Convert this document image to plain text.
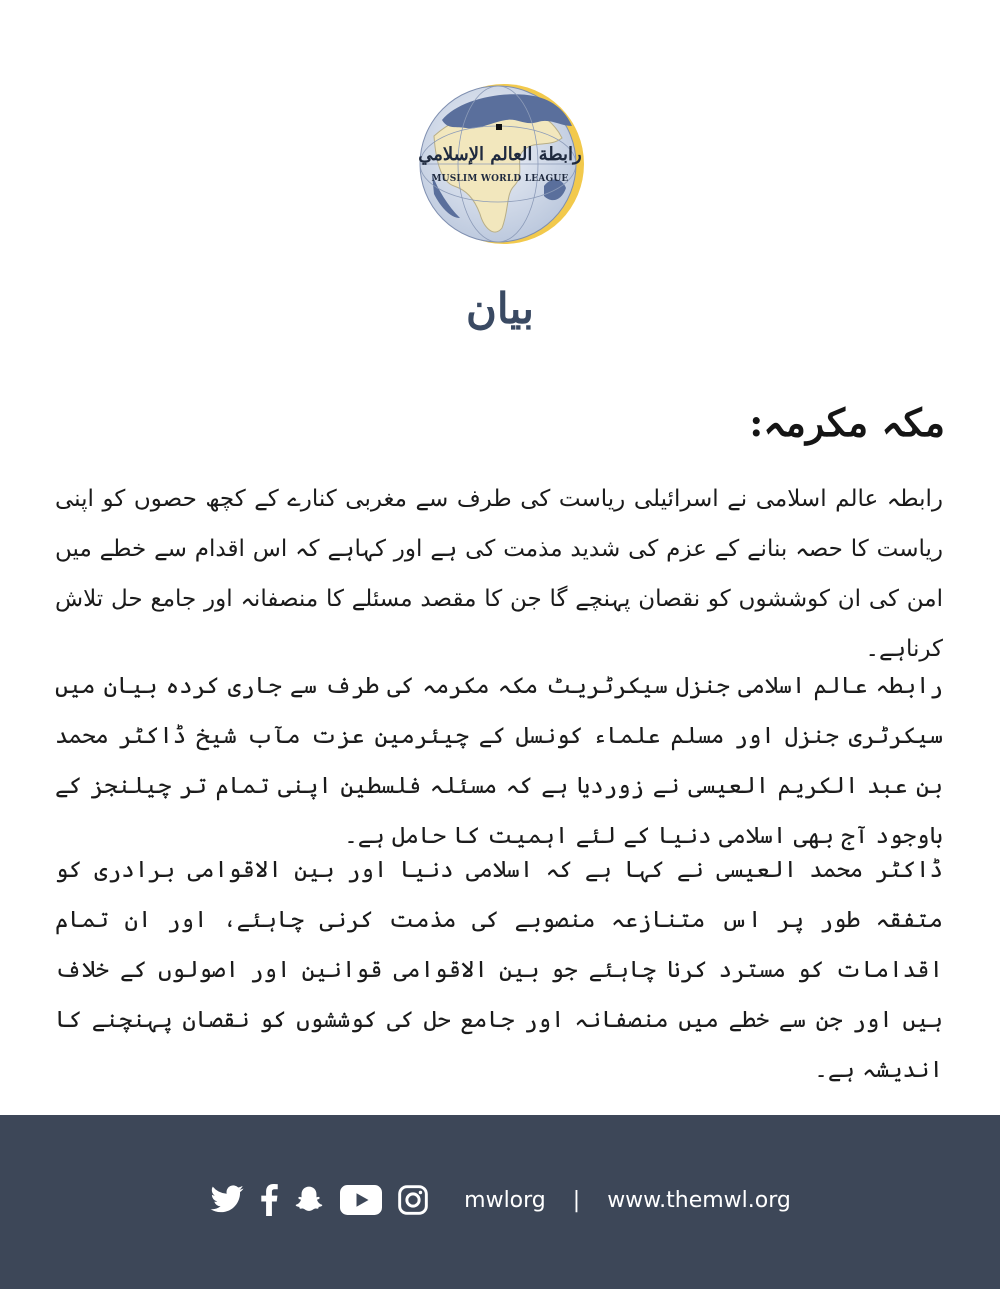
رابطة العالم الإسلامي
MUSLIM WORLD LEAGUE
بیان
مکہ مکرمہ:
رابطہ عالم اسلامی نے اسرائیلی ریاست کی طرف سے مغربی کنارے کے کچھ حصوں کو اپنی ریاست کا حصہ بنانے کے عزم کی شدید مذمت کی ہے اور کہاہے کہ اس اقدام سے خطے میں امن کی ان کوششوں کو نقصان پہنچے گا جن کا مقصد مسئلے کا منصفانہ اور جامع حل تلاش کرناہے۔
رابطہ عالم اسلامی جنزل سیکرٹریٹ مکہ مکرمہ کی طرف سے جاری کردہ بیان میں سیکرٹری جنزل اور مسلم علماء کونسل کے چیئرمین عزت مآب شیخ ڈاکٹر محمد بن عبد الکریم العیسی نے زوردیا ہے کہ مسئلہ فلسطین اپنی تمام تر چیلنجز کے باوجود آج بھی اسلامی دنیا کے لئے اہمیت کا حامل ہے۔
ڈاکٹر محمد العیسی نے کہا ہے کہ اسلامی دنیا اور بین الاقوامی برادری کو متفقہ طور پر اس متنازعہ منصوبے کی مذمت کرنی چاہئے، اور ان تمام اقدامات کو مسترد کرنا چاہئے جو بین الاقوامی قوانین اور اصولوں کے خلاف ہیں اور جن سے خطے میں منصفانہ اور جامع حل کی کوششوں کو نقصان پہنچنے کا اندیشہ ہے۔
mwlorg | www.themwl.org
